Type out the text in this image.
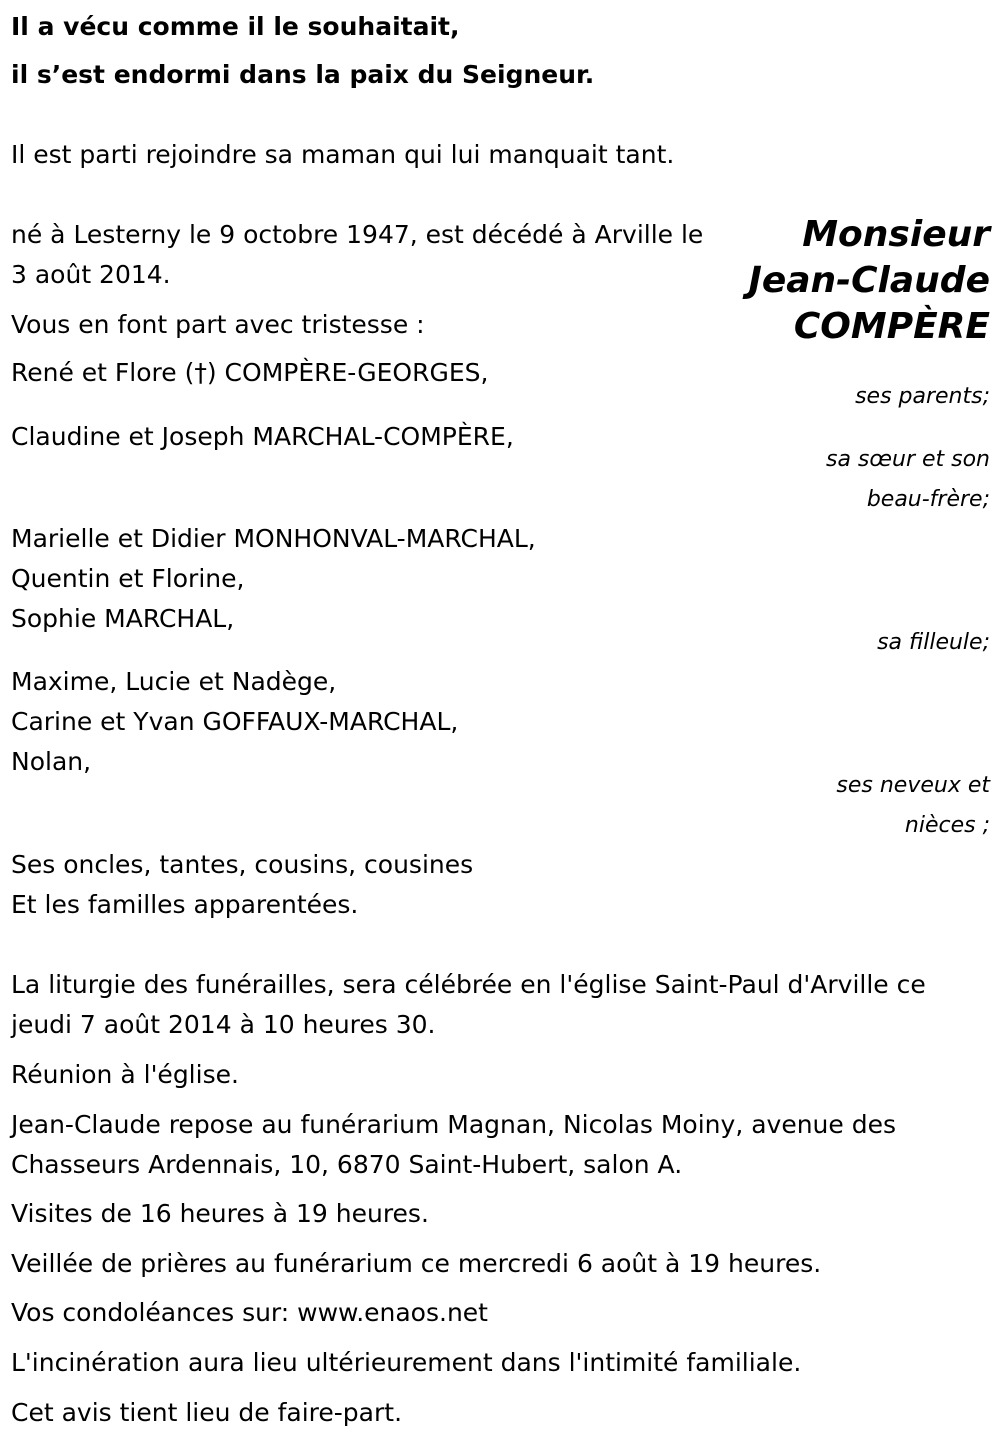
Il a vécu comme il le souhaitait,
il s’est endormi dans la paix du Seigneur.
Il est parti rejoindre sa maman qui lui manquait tant.
Monsieur
Jean-Claude
COMPÈRE
né à Lesterny le 9 octobre 1947, est décédé à Arville le
3 août 2014.
Vous en font part avec tristesse :
René et Flore (†) COMPÈRE-GEORGES,
ses parents;
Claudine et Joseph MARCHAL-COMPÈRE,
sa sœur et son
beau-frère;
Marielle et Didier MONHONVAL-MARCHAL,
Quentin et Florine,
Sophie MARCHAL,
sa filleule;
Maxime, Lucie et Nadège,
Carine et Yvan GOFFAUX-MARCHAL,
Nolan,
ses neveux et
nièces ;
Ses oncles, tantes, cousins, cousines
Et les familles apparentées.
La liturgie des funérailles, sera célébrée en l'église Saint-Paul d'Arville ce
jeudi 7 août 2014 à 10 heures 30.
Réunion à l'église.
Jean-Claude repose au funérarium Magnan, Nicolas Moiny, avenue des
Chasseurs Ardennais, 10, 6870 Saint-Hubert, salon A.
Visites de 16 heures à 19 heures.
Veillée de prières au funérarium ce mercredi 6 août à 19 heures.
Vos condoléances sur: www.enaos.net
L'incinération aura lieu ultérieurement dans l'intimité familiale.
Cet avis tient lieu de faire-part.
